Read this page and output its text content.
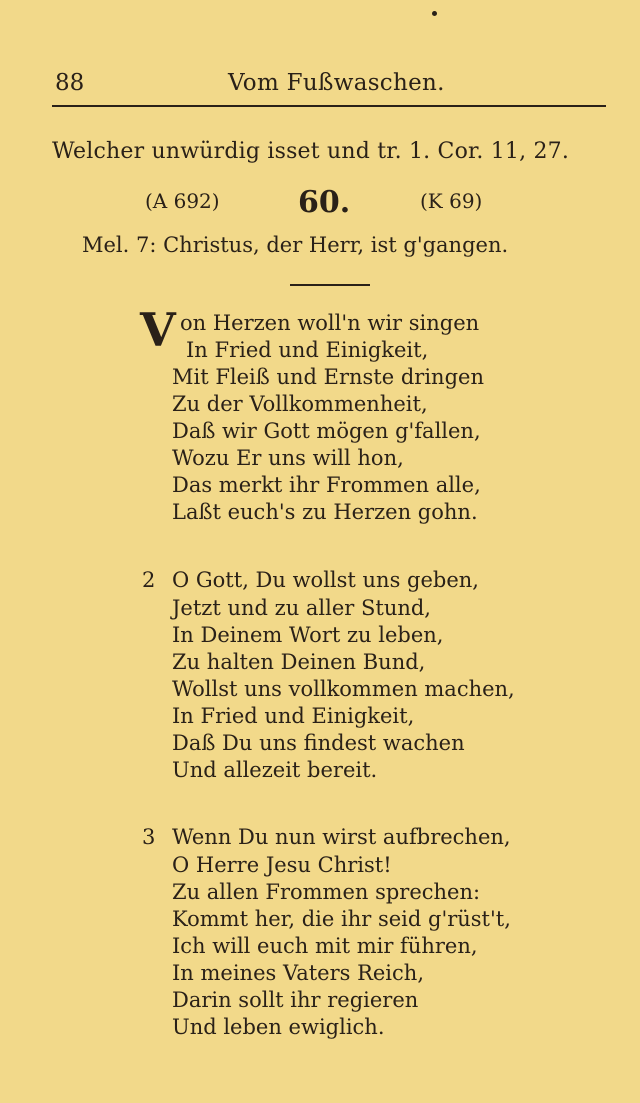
88	Vom Fußwaschen.
Welcher unwürdig isset und tr. 1. Cor. 11, 27.
(A 692)	60.	(K 69)
Mel. 7: Christus, der Herr, ist g'gangen.
V on Herzen woll'n wir singen
In Fried und Einigkeit,
Mit Fleiß und Ernste dringen
Zu der Vollkommenheit,
Daß wir Gott mögen g'fallen,
Wozu Er uns will hon,
Das merkt ihr Frommen alle,
Laßt euch's zu Herzen gohn.
2 O Gott, Du wollst uns geben,
Jetzt und zu aller Stund,
In Deinem Wort zu leben,
Zu halten Deinen Bund,
Wollst uns vollkommen machen,
In Fried und Einigkeit,
Daß Du uns findest wachen
Und allezeit bereit.
3 Wenn Du nun wirst aufbrechen,
O Herre Jesu Christ!
Zu allen Frommen sprechen:
Kommt her, die ihr seid g'rüst't,
Ich will euch mit mir führen,
In meines Vaters Reich,
Darin sollt ihr regieren
Und leben ewiglich.
